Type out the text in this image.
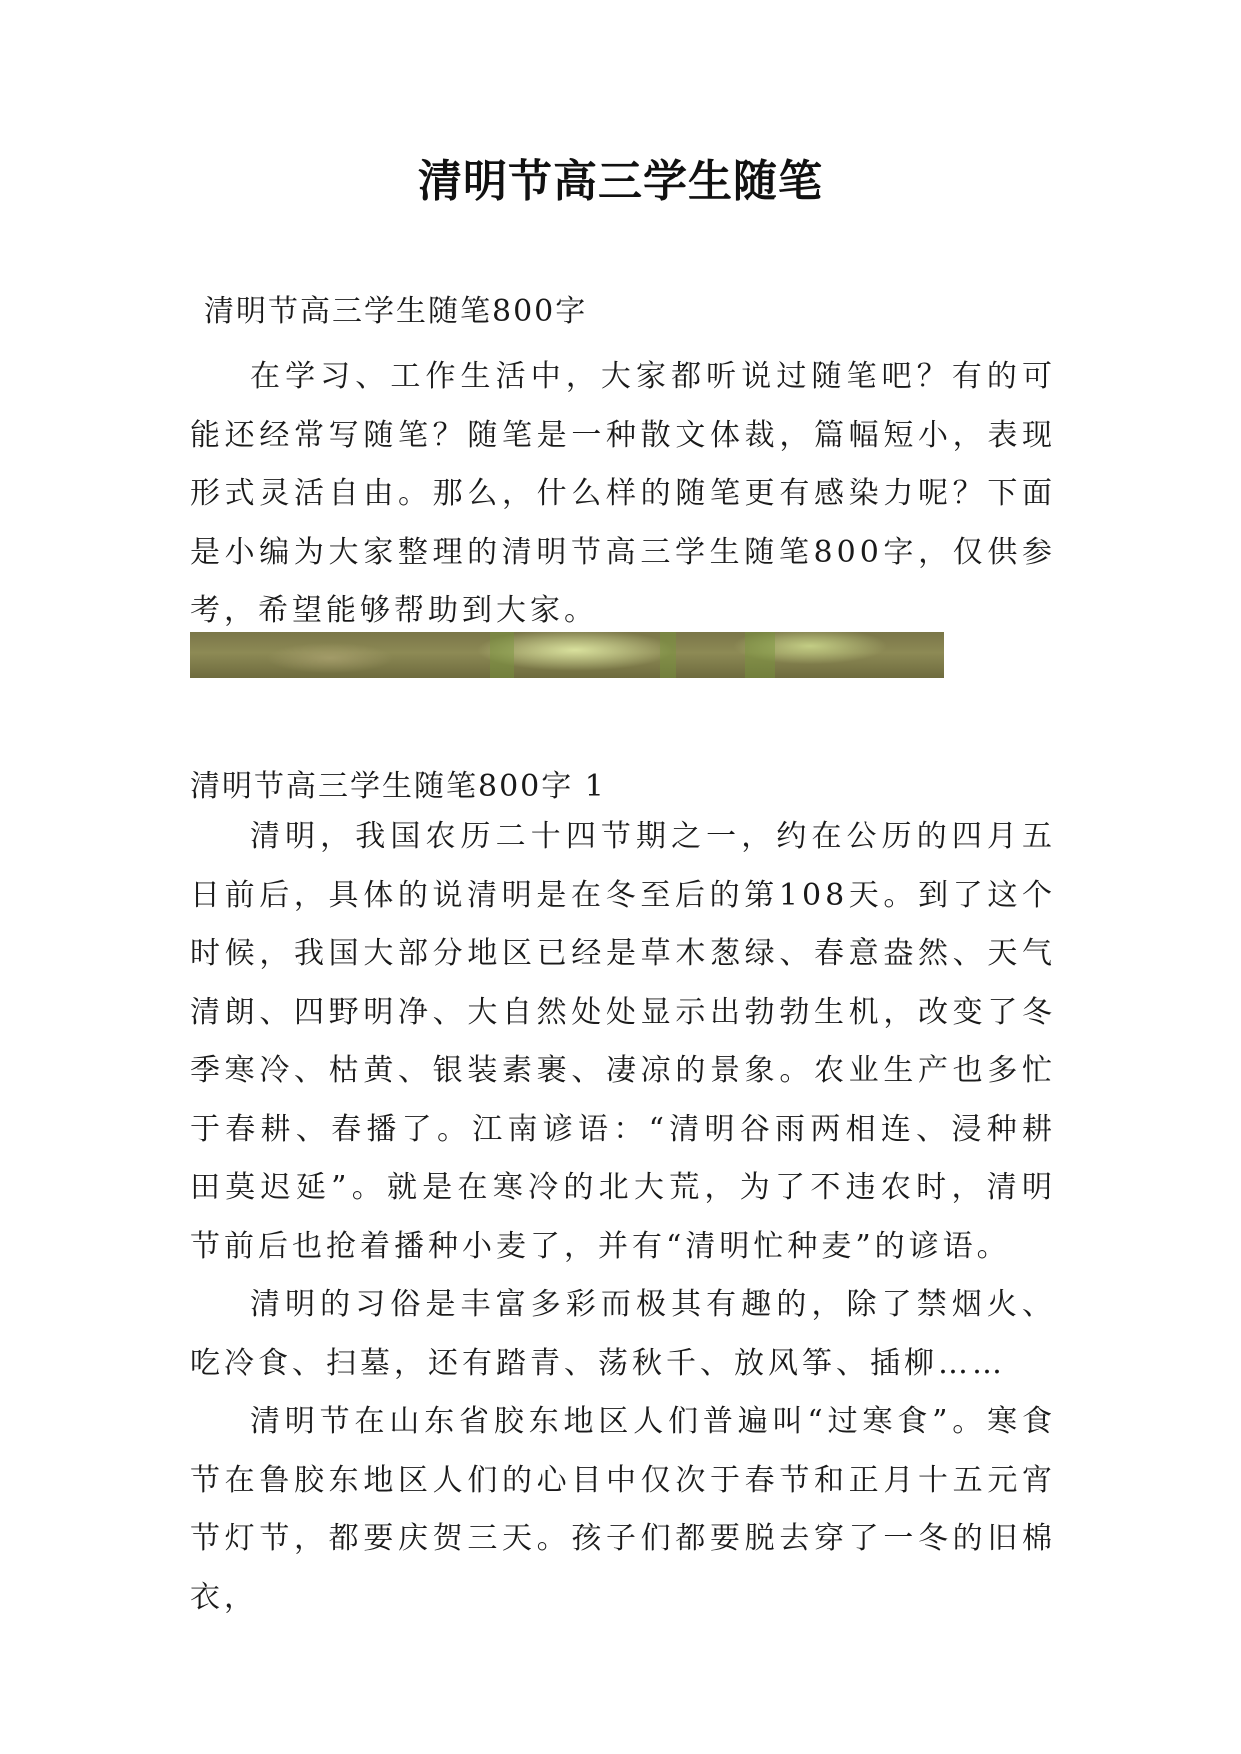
清明节高三学生随笔
清明节高三学生随笔800字

在学习、工作生活中，大家都听说过随笔吧？有的可能还经常写随笔？随笔是一种散文体裁，篇幅短小，表现形式灵活自由。那么，什么样的随笔更有感染力呢？下面是小编为大家整理的清明节高三学生随笔800字，仅供参考，希望能够帮助到大家。

清明节高三学生随笔800字 1

清明，我国农历二十四节期之一，约在公历的四月五日前后，具体的说清明是在冬至后的第108天。到了这个时候，我国大部分地区已经是草木葱绿、春意盎然、天气清朗、四野明净、大自然处处显示出勃勃生机，改变了冬季寒冷、枯黄、银装素裹、凄凉的景象。农业生产也多忙于春耕、春播了。江南谚语：“清明谷雨两相连、浸种耕田莫迟延”。就是在寒冷的北大荒，为了不违农时，清明节前后也抢着播种小麦了，并有“清明忙种麦”的谚语。

清明的习俗是丰富多彩而极其有趣的，除了禁烟火、吃冷食、扫墓，还有踏青、荡秋千、放风筝、插柳……

清明节在山东省胶东地区人们普遍叫“过寒食”。寒食节在鲁胶东地区人们的心目中仅次于春节和正月十五元宵节灯节，都要庆贺三天。孩子们都要脱去穿了一冬的旧棉衣，
